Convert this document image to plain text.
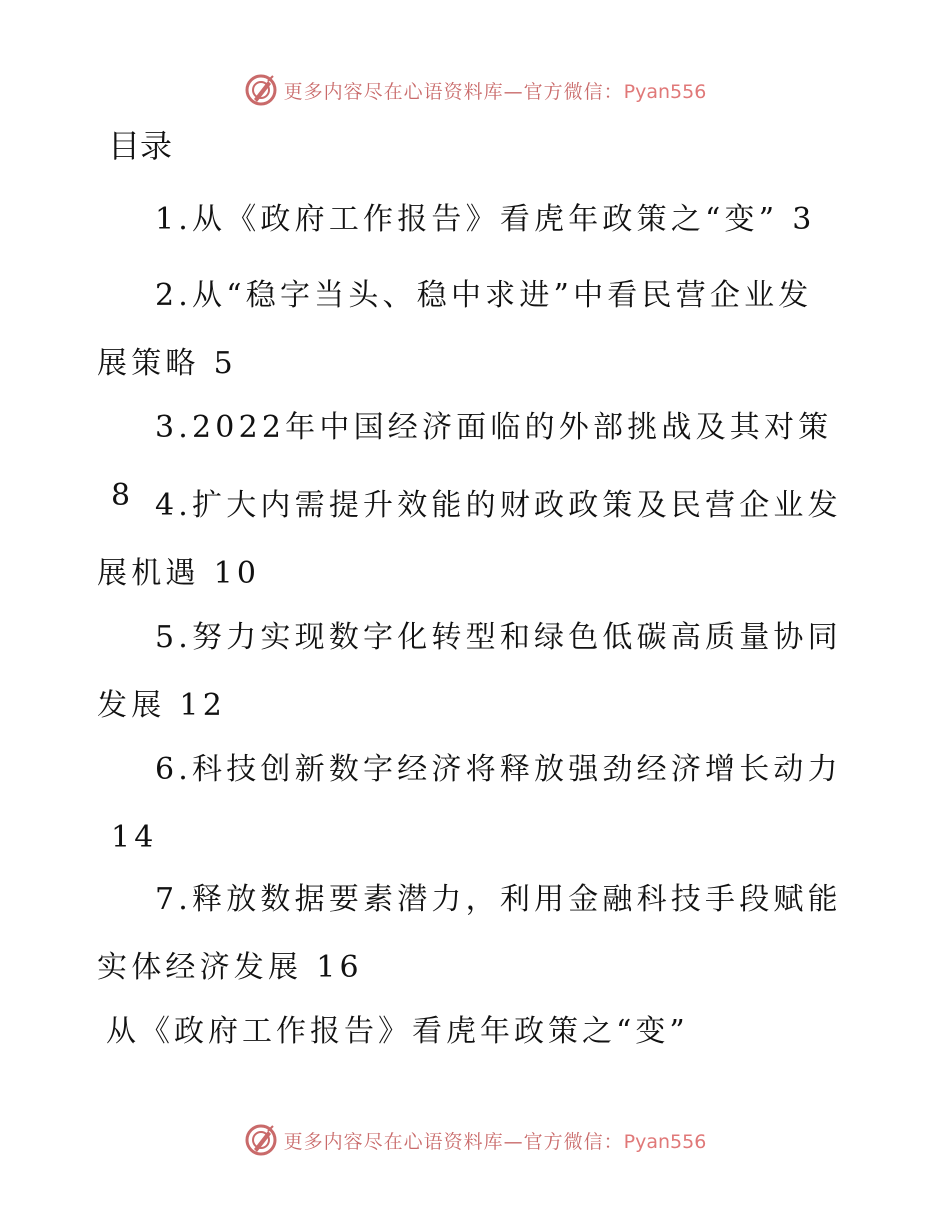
更多内容尽在心语资料库—官方微信：Pyan556
目录
1.从《政府工作报告》看虎年政策之“变” 3
2.从“稳字当头、稳中求进”中看民营企业发展策略 5
3.2022年中国经济面临的外部挑战及其对策8 4.扩大内需提升效能的财政政策及民营企业发展机遇 10
5.努力实现数字化转型和绿色低碳高质量协同发展 12
6.科技创新数字经济将释放强劲经济增长动力14
7.释放数据要素潜力，利用金融科技手段赋能实体经济发展 16
从《政府工作报告》看虎年政策之“变”
更多内容尽在心语资料库—官方微信：Pyan556
